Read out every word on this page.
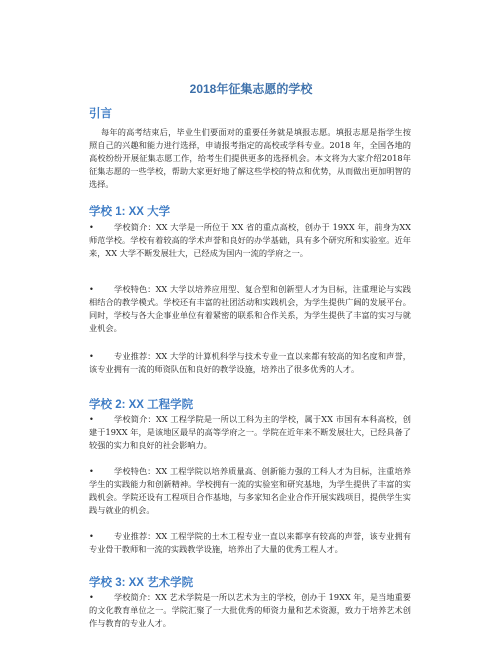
2018年征集志愿的学校
引言
每年的高考结束后，毕业生们要面对的重要任务就是填报志愿。填报志愿是指学生按照自己的兴趣和能力进行选择，申请报考指定的高校或学科专业。2018 年，全国各地的高校纷纷开展征集志愿工作，给考生们提供更多的选择机会。本文将为大家介绍2018年征集志愿的一些学校，帮助大家更好地了解这些学校的特点和优势，从而做出更加明智的选择。
学校 1: XX 大学
•	学校简介：XX 大学是一所位于 XX 省的重点高校，创办于 19XX 年，前身为XX 师范学校。学校有着较高的学术声誉和良好的办学基础，具有多个研究所和实验室。近年来，XX 大学不断发展壮大，已经成为国内一流的学府之一。
•	学校特色：XX 大学以培养应用型、复合型和创新型人才为目标，注重理论与实践相结合的教学模式。学校还有丰富的社团活动和实践机会，为学生提供广阔的发展平台。同时，学校与各大企事业单位有着紧密的联系和合作关系，为学生提供了丰富的实习与就业机会。
•	专业推荐：XX 大学的计算机科学与技术专业一直以来都有较高的知名度和声誉，该专业拥有一流的师资队伍和良好的教学设施，培养出了很多优秀的人才。
学校 2: XX 工程学院
•	学校简介：XX 工程学院是一所以工科为主的学校，属于XX 市国有本科高校，创建于19XX 年，是该地区最早的高等学府之一。学院在近年来不断发展壮大，已经具备了较强的实力和良好的社会影响力。
•	学校特色：XX 工程学院以培养质量高、创新能力强的工科人才为目标，注重培养学生的实践能力和创新精神。学校拥有一流的实验室和研究基地，为学生提供了丰富的实践机会。学院还设有工程项目合作基地，与多家知名企业合作开展实践项目，提供学生实践与就业的机会。
•	专业推荐：XX 工程学院的土木工程专业一直以来都享有较高的声誉，该专业拥有专业骨干教师和一流的实践教学设施，培养出了大量的优秀工程人才。
学校 3: XX 艺术学院
•	学校简介：XX 艺术学院是一所以艺术为主的学校，创办于 19XX 年，是当地重要的文化教育单位之一。学院汇聚了一大批优秀的师资力量和艺术资源，致力于培养艺术创作与教育的专业人才。
